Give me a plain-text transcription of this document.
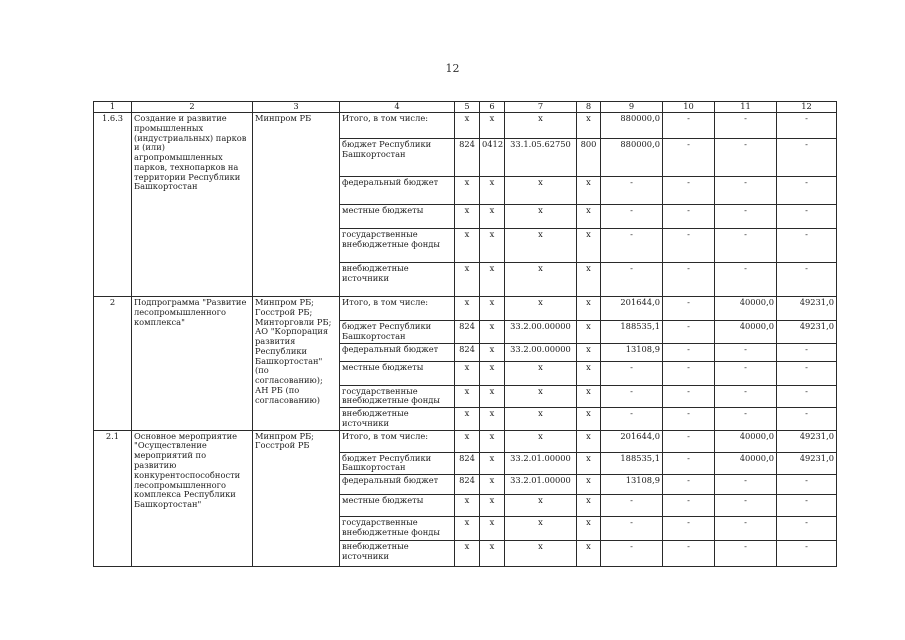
12
1	2	3	4	5	6	7	8	9	10	11	12
1.6.3	Создание и развитие промышленных (индустриальных) парков и (или) агропромышленных парков, технопарков на территории Республики Башкортостан	Минпром РБ	Итого, в том числе:	x	x	x	x	880000,0	-	-	-
			бюджет Республики Башкортостан	824	0412	33.1.05.62750	800	880000,0	-	-	-
			федеральный бюджет	x	x	x	x	-	-	-	-
			местные бюджеты	x	x	x	x	-	-	-	-
			государственные внебюджетные фонды	x	x	x	x	-	-	-	-
			внебюджетные источники	x	x	x	x	-	-	-	-
2	Подпрограмма "Развитие лесопромышленного комплекса"	Минпром РБ; Госстрой РБ; Минторговли РБ; АО "Корпорация развития Республики Башкортостан" (по согласованию); АН РБ (по согласованию)	Итого, в том числе:	x	x	x	x	201644,0	-	40000,0	49231,0
			бюджет Республики Башкортостан	824	x	33.2.00.00000	x	188535,1	-	40000,0	49231,0
			федеральный бюджет	824	x	33.2.00.00000	x	13108,9	-	-	-
			местные бюджеты	x	x	x	x	-	-	-	-
			государственные внебюджетные фонды	x	x	x	x	-	-	-	-
			внебюджетные источники	x	x	x	x	-	-	-	-
2.1	Основное мероприятие "Осуществление мероприятий по развитию конкурентоспособности лесопромышленного комплекса Республики Башкортостан"	Минпром РБ; Госстрой РБ	Итого, в том числе:	x	x	x	x	201644,0	-	40000,0	49231,0
			бюджет Республики Башкортостан	824	x	33.2.01.00000	x	188535,1	-	40000,0	49231,0
			федеральный бюджет	824	x	33.2.01.00000	x	13108,9	-	-	-
			местные бюджеты	x	x	x	x	-	-	-	-
			государственные внебюджетные фонды	x	x	x	x	-	-	-	-
			внебюджетные источники	x	x	x	x	-	-	-	-
